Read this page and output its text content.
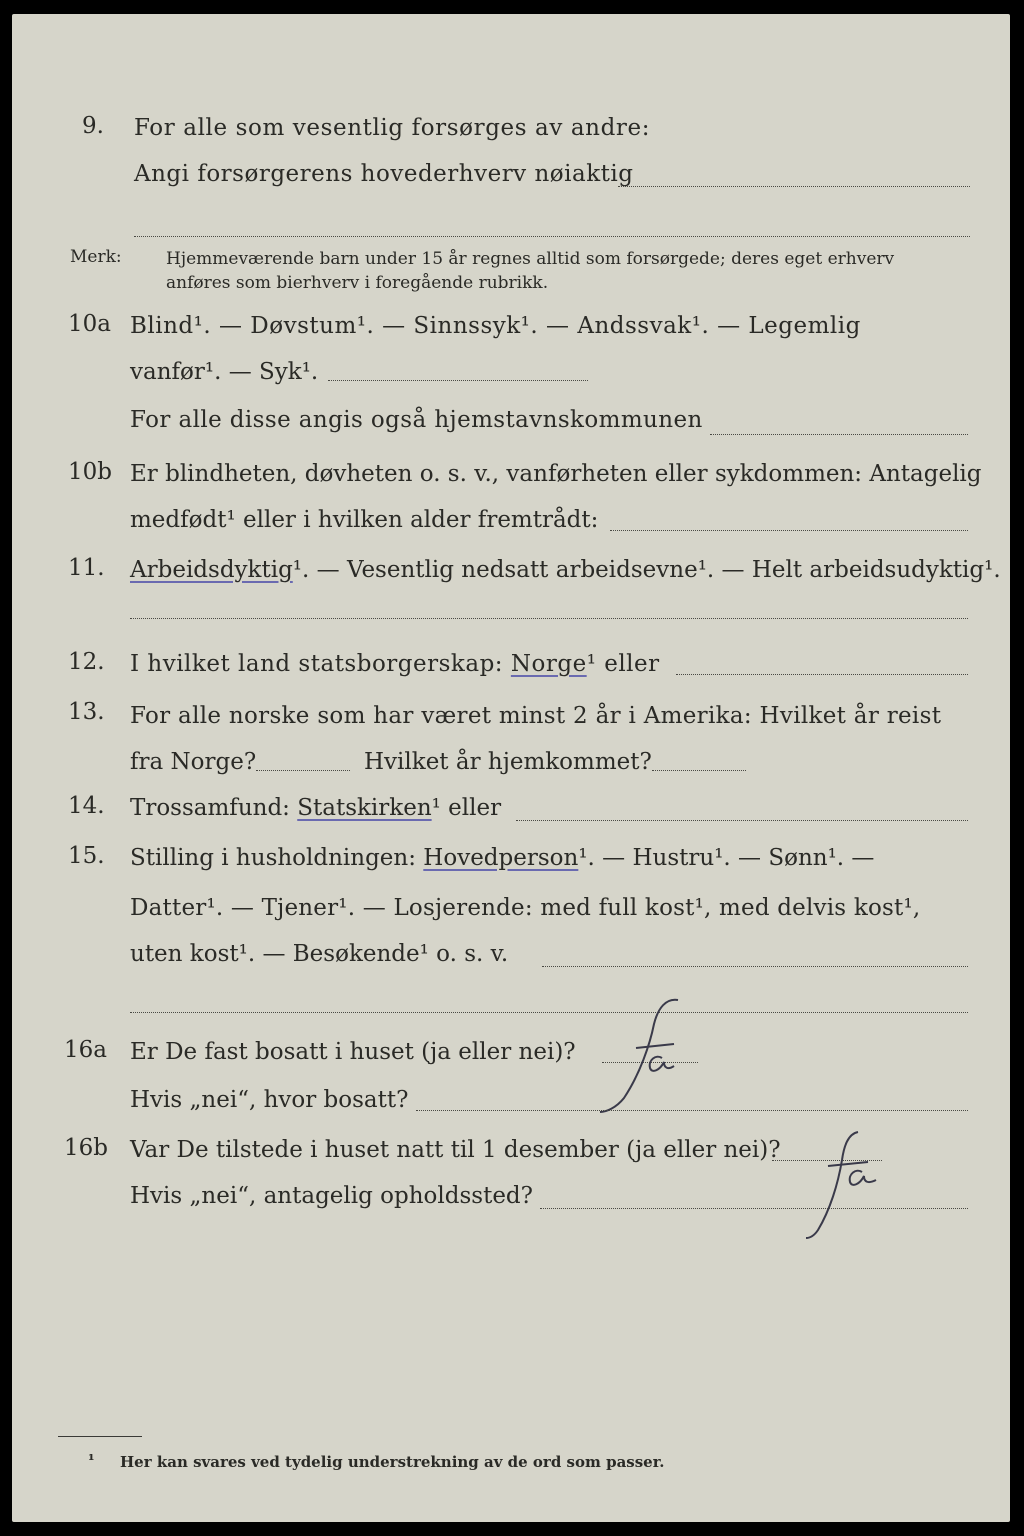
9. For alle som vesentlig forsørges av andre:
Angi forsørgerens hovederhverv nøiaktig
Merk:	Hjemmeværende barn under 15 år regnes alltid som forsørgede; deres eget erhverv
anføres som bierhverv i foregående rubrikk.
10a Blind¹. — Døvstum¹. — Sinnssyk¹. — Andssvak¹. — Legemlig
vanfør¹. — Syk¹.
For alle disse angis også hjemstavnskommunen
10b Er blindheten, døvheten o. s. v., vanførheten eller sykdommen: Antagelig
medfødt¹ eller i hvilken alder fremtrådt:
11. Arbeidsdyktig¹. — Vesentlig nedsatt arbeidsevne¹. — Helt arbeidsudyktig¹.
12. I hvilket land statsborgerskap: Norge¹ eller
13. For alle norske som har været minst 2 år i Amerika: Hvilket år reist
fra Norge?	Hvilket år hjemkommet?
14. Trossamfund: Statskirken¹ eller
15. Stilling i husholdningen: Hovedperson¹. — Hustru¹. — Sønn¹. —
Datter¹. — Tjener¹. — Losjerende: med full kost¹, med delvis kost¹,
uten kost¹. — Besøkende¹ o. s. v.
16a Er De fast bosatt i huset (ja eller nei)?
Hvis „nei“, hvor bosatt?
16b Var De tilstede i huset natt til 1 desember (ja eller nei)?
Hvis „nei“, antagelig opholdssted?
¹ Her kan svares ved tydelig understrekning av de ord som passer.
